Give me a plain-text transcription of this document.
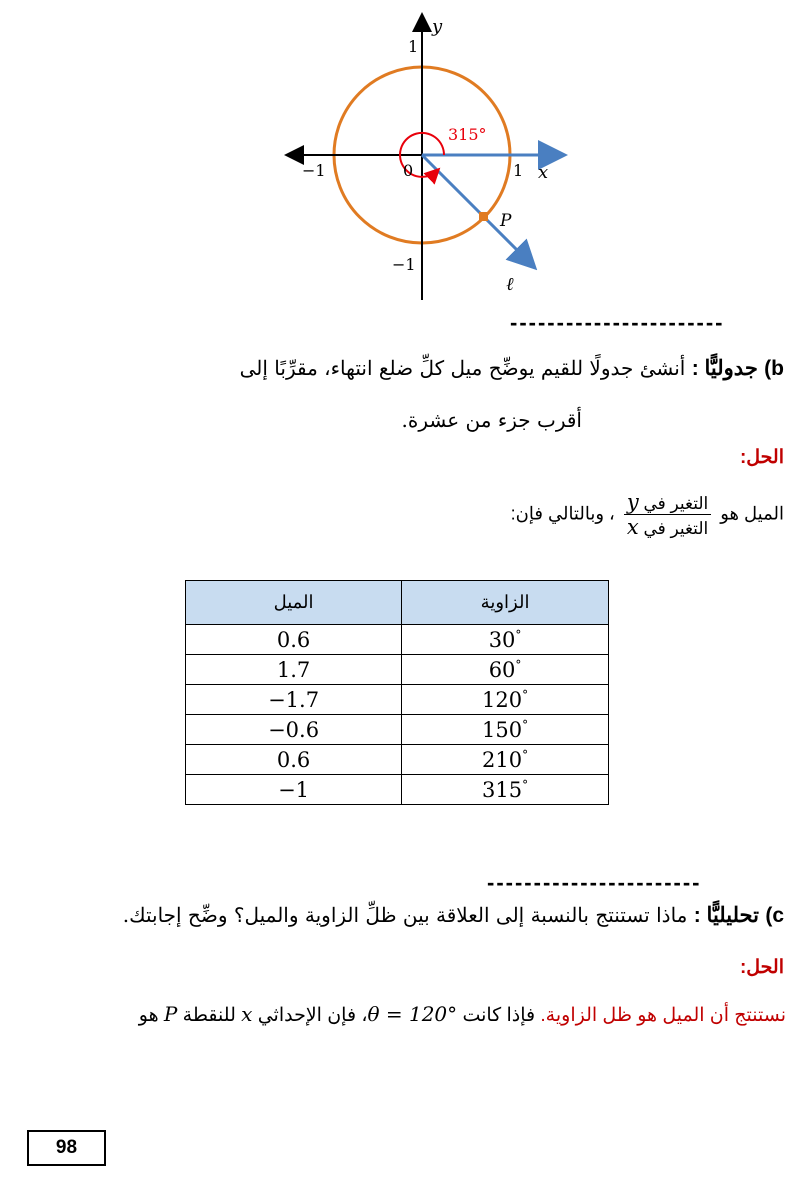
y
x
1
−1
1
−1	0
315°
P
ℓ
-----------------------
b) جدوليًّا : أنشئ جدولًا للقيم يوضِّح ميل كلِّ ضلع انتهاء، مقرِّبًا إلى
أقرب جزء من عشرة.
الحل:
الميل هو
$\frac{\text{التغير في y}}{\text{التغير في x}}$
، وبالتالي فإن:
الزاوية	الميل
30°	0.6
60°	1.7
120°	−1.7
150°	−0.6
210°	0.6
315°	−1
-----------------------
c) تحليليًّا : ماذا تستنتج بالنسبة إلى العلاقة بين ظلِّ الزاوية والميل؟ وضِّح إجابتك.
الحل:
نستنتج أن الميل هو ظل الزاوية. فإذا كانت θ = 120°، فإن الإحداثي x للنقطة P هو
98
